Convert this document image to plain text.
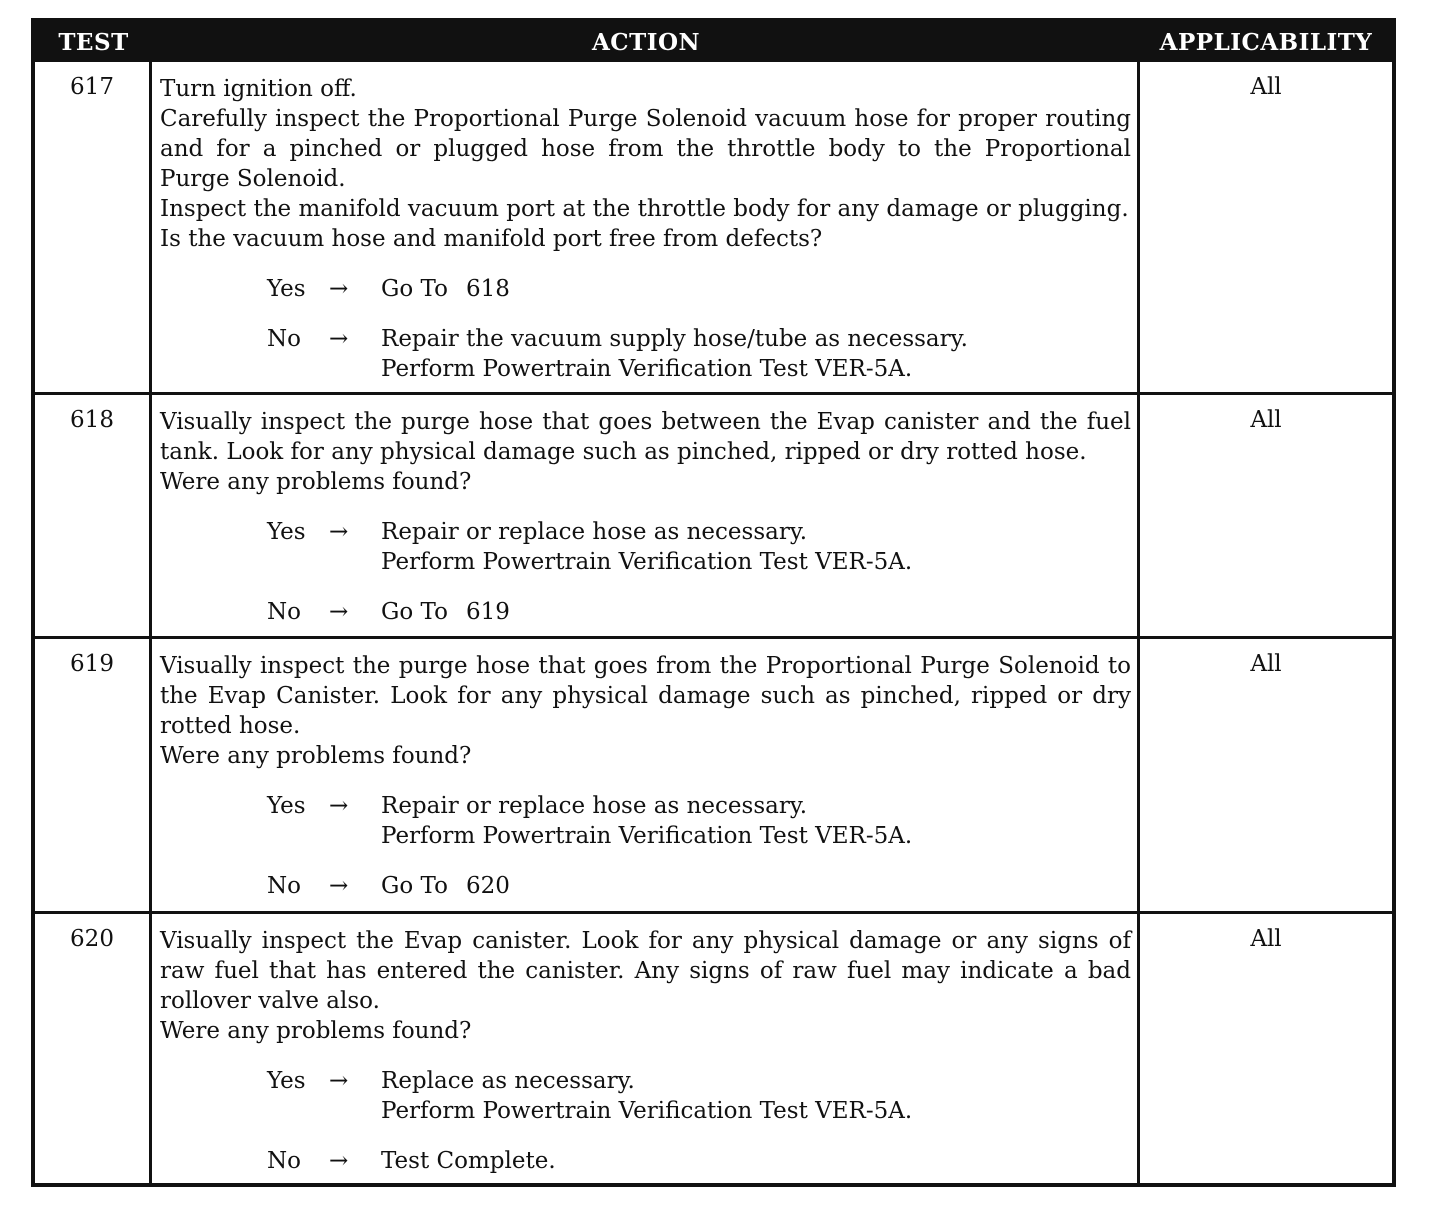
TEST	ACTION	APPLICABILITY
617	Turn ignition off.
Carefully inspect the Proportional Purge Solenoid vacuum hose for proper routing and for a pinched or plugged hose from the throttle body to the Proportional Purge Solenoid.
Inspect the manifold vacuum port at the throttle body for any damage or plugging.
Is the vacuum hose and manifold port free from defects?
Yes	→	Go To 618
No	→	Repair the vacuum supply hose/tube as necessary.
Perform Powertrain Verification Test VER-5A.
All
618	Visually inspect the purge hose that goes between the Evap canister and the fuel tank. Look for any physical damage such as pinched, ripped or dry rotted hose.
Were any problems found?
Yes	→	Repair or replace hose as necessary.
Perform Powertrain Verification Test VER-5A.
No	→	Go To 619
All
619	Visually inspect the purge hose that goes from the Proportional Purge Solenoid to the Evap Canister. Look for any physical damage such as pinched, ripped or dry rotted hose.
Were any problems found?
Yes	→	Repair or replace hose as necessary.
Perform Powertrain Verification Test VER-5A.
No	→	Go To 620
All
620	Visually inspect the Evap canister. Look for any physical damage or any signs of raw fuel that has entered the canister. Any signs of raw fuel may indicate a bad rollover valve also.
Were any problems found?
Yes	→	Replace as necessary.
Perform Powertrain Verification Test VER-5A.
No	→	Test Complete.
All
